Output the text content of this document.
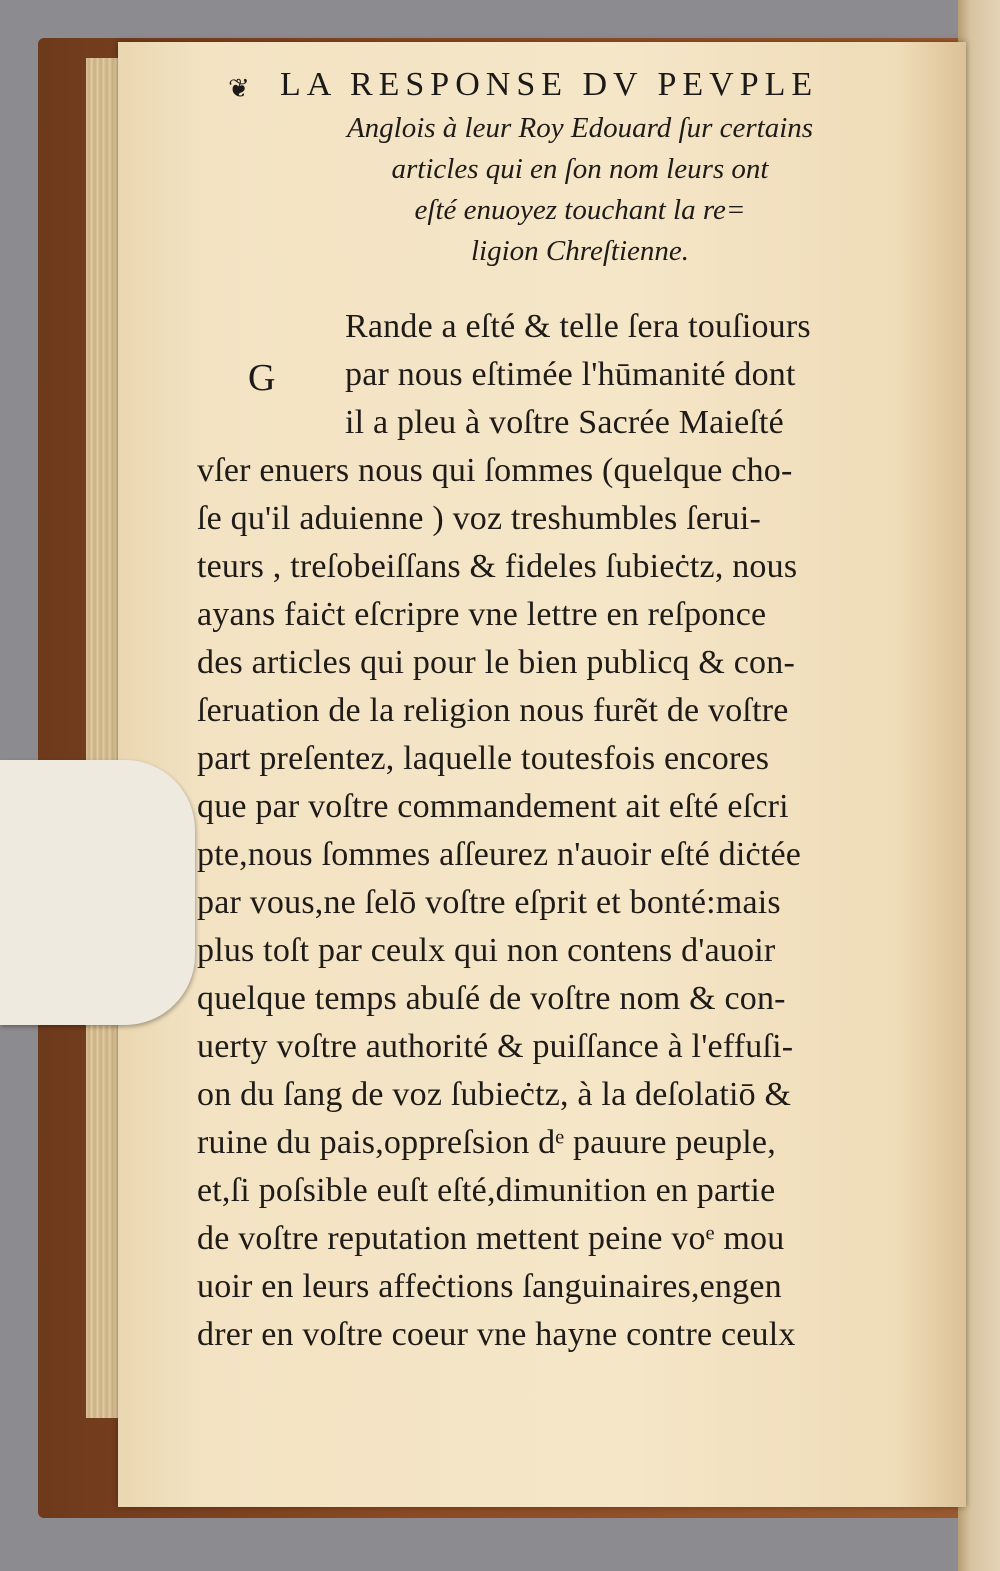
❦ LA RESPONSE DV PEVPLE
Anglois à leur Roy Edouard ſur certains
articles qui en ſon nom leurs ont
eſté enuoyez touchant la re=
ligion Chreſtienne.
G
Rande a eſté & telle ſera touſiours
par nous eſtimée l'hūmanité dont
il a pleu à voſtre Sacrée Maieſté
vſer enuers nous qui ſommes (quelque cho-
ſe qu'il aduienne ) voz treshumbles ſerui-
teurs , treſobeiſſans & fideles ſubieċtz, nous
ayans faiċt eſcripre vne lettre en reſponce
des articles qui pour le bien publicq & con-
ſeruation de la religion nous furẽt de voſtre
part preſentez, laquelle toutesfois encores
que par voſtre commandement ait eſté eſcri
pte,nous ſommes aſſeurez n'auoir eſté diċtée
par vous,ne ſelō voſtre eſprit et bonté:mais
plus toſt par ceulx qui non contens d'auoir
quelque temps abuſé de voſtre nom & con-
uerty voſtre authorité & puiſſance à l'effuſi-
on du ſang de voz ſubieċtz, à la deſolatiō &
ruine du pais,oppreſsion dᵉ pauure peuple,
et,ſi poſsible euſt eſté,dimunition en partie
de voſtre reputation mettent peine voᵉ mou
uoir en leurs affeċtions ſanguinaires,engen
drer en voſtre coeur vne hayne contre ceulx
